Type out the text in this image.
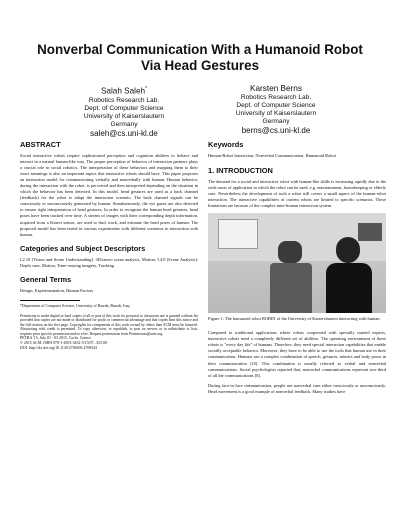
Nonverbal Communication With a Humanoid Robot
Via Head Gestures
Salah Saleh*
Robotics Research Lab.
Dept. of Computer Science
University of Kaiserslautern
Germany
saleh@cs.uni-kl.de
Karsten Berns
Robotics Research Lab.
Dept. of Computer Science
University of Kaiserslautern
Germany
berns@cs.uni-kl.de
ABSTRACT

Social interactive robots require sophisticated perception and cognition abilities to behave and interact in a natural human-like way. The proper perception of behavior of interaction partners plays a crucial role in social robotics. The interpretation of these behaviors and mapping them to their exact meanings is also an important aspect that interactive robots should have. This paper proposes an interaction model for communicating verbally and nonverbally with human. Human behavior, during the interaction with the robot, is perceived and then interpreted depending on the situation in which the behavior has been detected. In this model, head gestures are used as a back channel (feedback) for the robot to adapt the interaction scenario. The back channel signals can be consciously or unconsciously generated by human. Simultaneously, the eye gazes are also detected to ensure right interpretation of head gestures. In order to recognize the human head gestures, head poses have been tracked over time. A stream of images with their corresponding depth information, acquired from a Kinect sensor, are used to find, track, and estimate the head poses of human. The proposed model has been tested in various experiments with different scenarios in interaction with human.

Categories and Subject Descriptors

I.2.10 [Vision and Scene Understanding]: 3D/stereo scene analysis, Motion; I.4.8 [Scene Analysis]: Depth cues, Motion, Time-varying imagery, Tracking

General Terms

Design, Experimentation, Human Factors

*Department of Computer Science, University of Basrah, Basrah, Iraq

Permission to make digital or hard copies of all or part of this work for personal or classroom use is granted without fee provided that copies are not made or distributed for profit or commercial advantage and that copies bear this notice and the full citation on the first page. Copyrights for components of this work owned by others than ACM must be honored. Abstracting with credit is permitted. To copy otherwise, or republish, to post on servers or to redistribute to lists, requires prior specific permission and/or a fee. Request permissions from Permissions@acm.org.

PETRA '15, July 01 - 03 2015, Corfu, Greece

© 2015 ACM. ISBN 978-1-4503-3452-5/15/07...$15.00

DOI: http://dx.doi.org/10.1145/2769493.2769543

Keywords

Human-Robot Interaction, Nonverbal Communication, Humanoid Robot

1. INTRODUCTION

The demand for a social and interactive robot with human-like skills is increasing rapidly due to the wide areas of application in which the robot can be used, e.g. entertainment, housekeeping or elderly care. Nevertheless the development of such a robot still covers a small aspect of the human-robot interaction. The interactive capabilities of current robots are limited to specific scenarios. These limitations are because of the complex inter-human interaction system.

Figure 1: The humanoid robot ROBIN of the University of Kaiserslautern interacting with human.

Compared to traditional applications where robots cooperated with specially trained experts, interactive robots need a completely different set of abilities. The operating environment of these robots is "every day life" of humans. Therefore, they need special interaction capabilities that enable socially acceptable behavior. Moreover, they have to be able to use the tools that human use in their communication. Humans use a complex combination of speech, gestures, mimics and body poses in their communication [10]. This combination is usually referred as verbal and nonverbal communications. Social psychologists reported that, nonverbal communications represent two-third of all the communications [8].

During face-to-face communication, people use nonverbal cues either consciously or unconsciously. Head movement is a good example of nonverbal feedback. Many studies have
